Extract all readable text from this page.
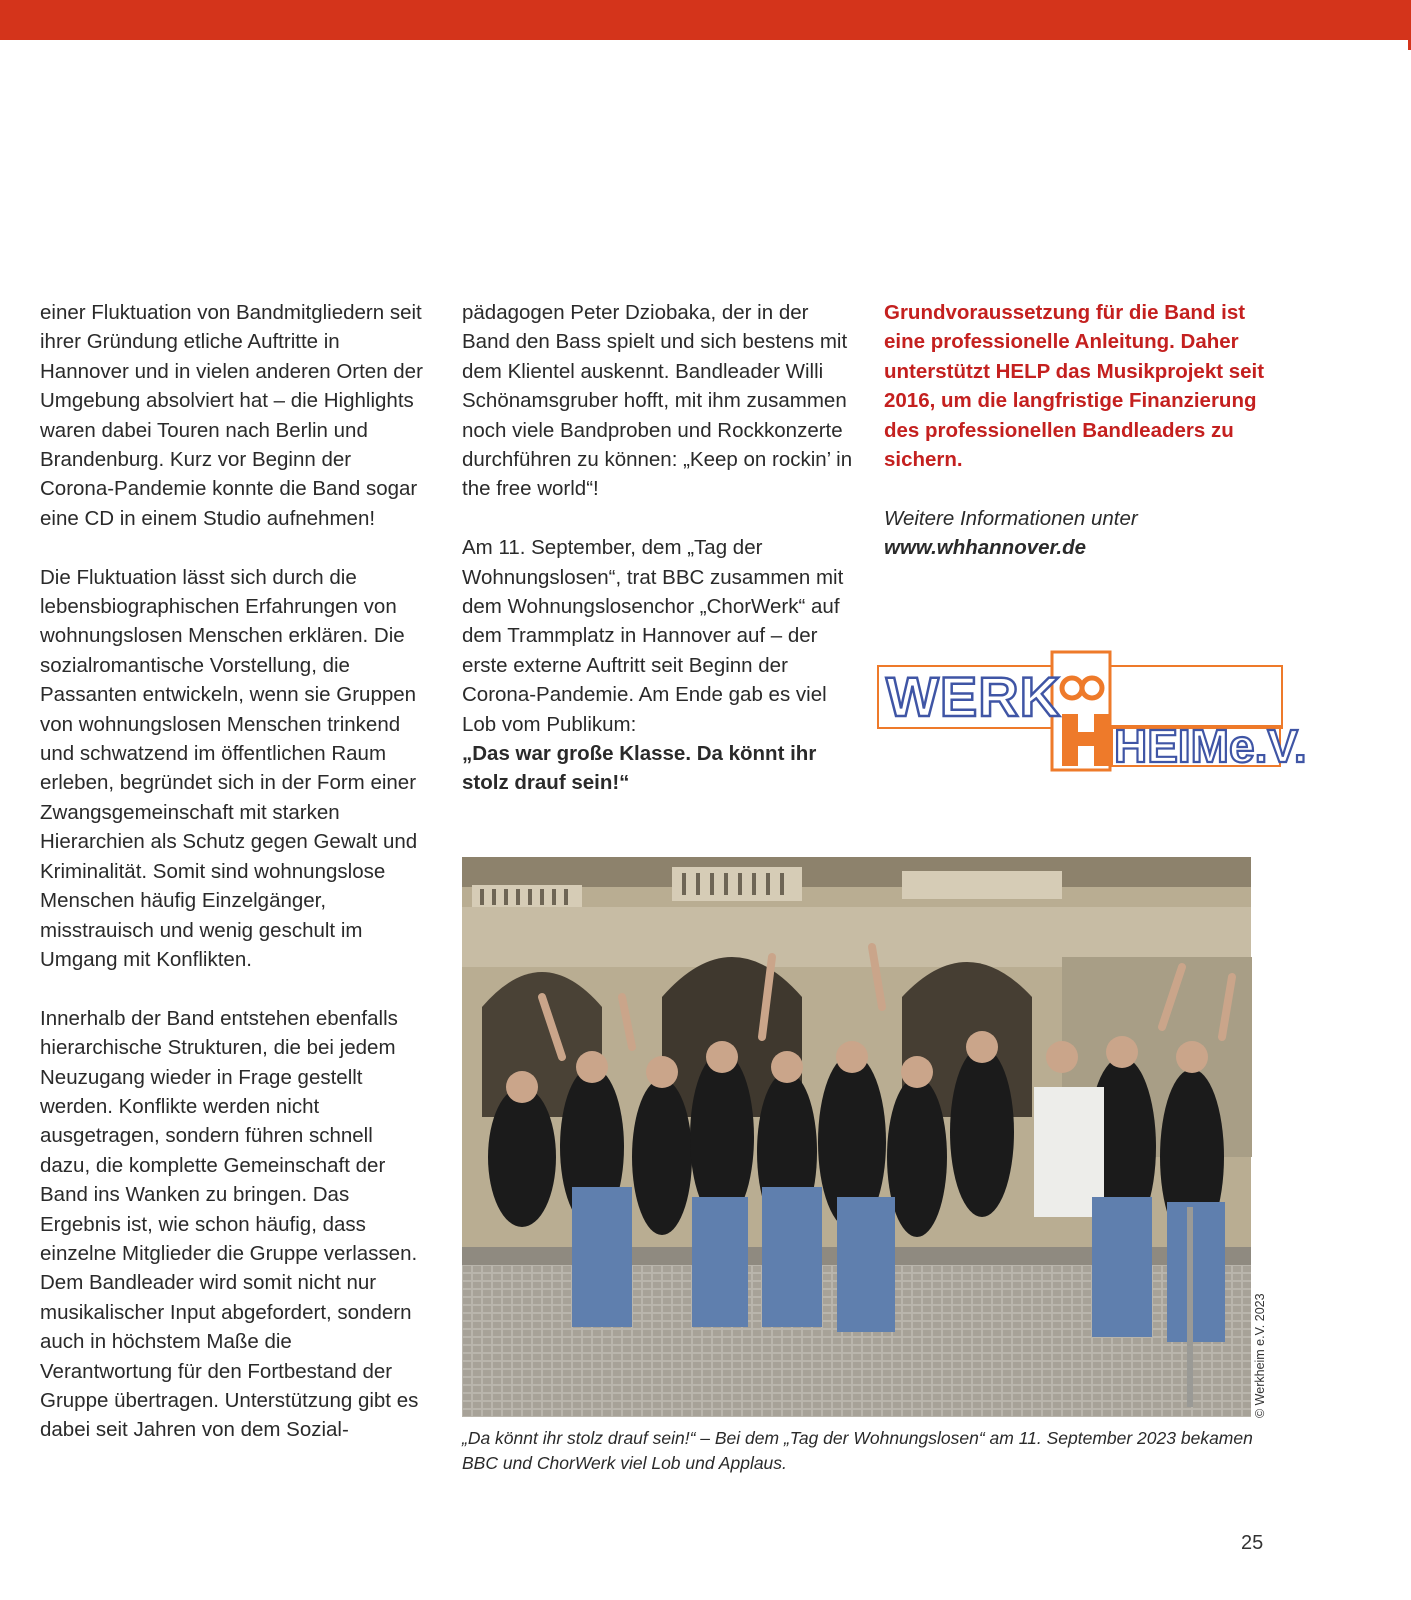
einer Fluktuation von Bandmitgliedern seit ihrer Gründung etliche Auftritte in Hannover und in vielen anderen Orten der Umgebung absolviert hat – die Highlights waren dabei Touren nach Berlin und Brandenburg. Kurz vor Beginn der Corona-Pandemie konnte die Band sogar eine CD in einem Studio aufnehmen!

Die Fluktuation lässt sich durch die lebensbiographischen Erfahrungen von wohnungslosen Menschen erklären. Die sozialromantische Vorstellung, die Passanten entwickeln, wenn sie Gruppen von wohnungslosen Menschen trinkend und schwatzend im öffentlichen Raum erleben, begründet sich in der Form einer Zwangsgemeinschaft mit starken Hierarchien als Schutz gegen Gewalt und Kriminalität. Somit sind wohnungslose Menschen häufig Einzelgänger, misstrauisch und wenig geschult im Umgang mit Konflikten.

Innerhalb der Band entstehen ebenfalls hierarchische Strukturen, die bei jedem Neuzugang wieder in Frage gestellt werden. Konflikte werden nicht ausgetragen, sondern führen schnell dazu, die komplette Gemeinschaft der Band ins Wanken zu bringen. Das Ergebnis ist, wie schon häufig, dass einzelne Mitglieder die Gruppe verlassen. Dem Bandleader wird somit nicht nur musikalischer Input abgefordert, sondern auch in höchstem Maße die Verantwortung für den Fortbestand der Gruppe übertragen. Unterstützung gibt es dabei seit Jahren von dem Sozial-

pädagogen Peter Dziobaka, der in der Band den Bass spielt und sich bestens mit dem Klientel auskennt. Bandleader Willi Schönamsgruber hofft, mit ihm zusammen noch viele Bandproben und Rockkonzerte durchführen zu können: „Keep on rockin’ in the free world“!

Am 11. September, dem „Tag der Wohnungslosen“, trat BBC zusammen mit dem Wohnungslosenchor „ChorWerk“ auf dem Trammplatz in Hannover auf – der erste externe Auftritt seit Beginn der Corona-Pandemie. Am Ende gab es viel Lob vom Publikum:
„Das war große Klasse. Da könnt ihr stolz drauf sein!“

Grundvoraussetzung für die Band ist eine professionelle Anleitung. Daher unterstützt HELP das Musikprojekt seit 2016, um die langfristige Finanzierung des professionellen Bandleaders zu sichern.

Weitere Informationen unter
www.whhannover.de

WERK
HEIMe.V.
© Werkheim e.V. 2023
„Da könnt ihr stolz drauf sein!“ – Bei dem „Tag der Wohnungslosen“ am 11. September 2023 bekamen BBC und ChorWerk viel Lob und Applaus.
25
